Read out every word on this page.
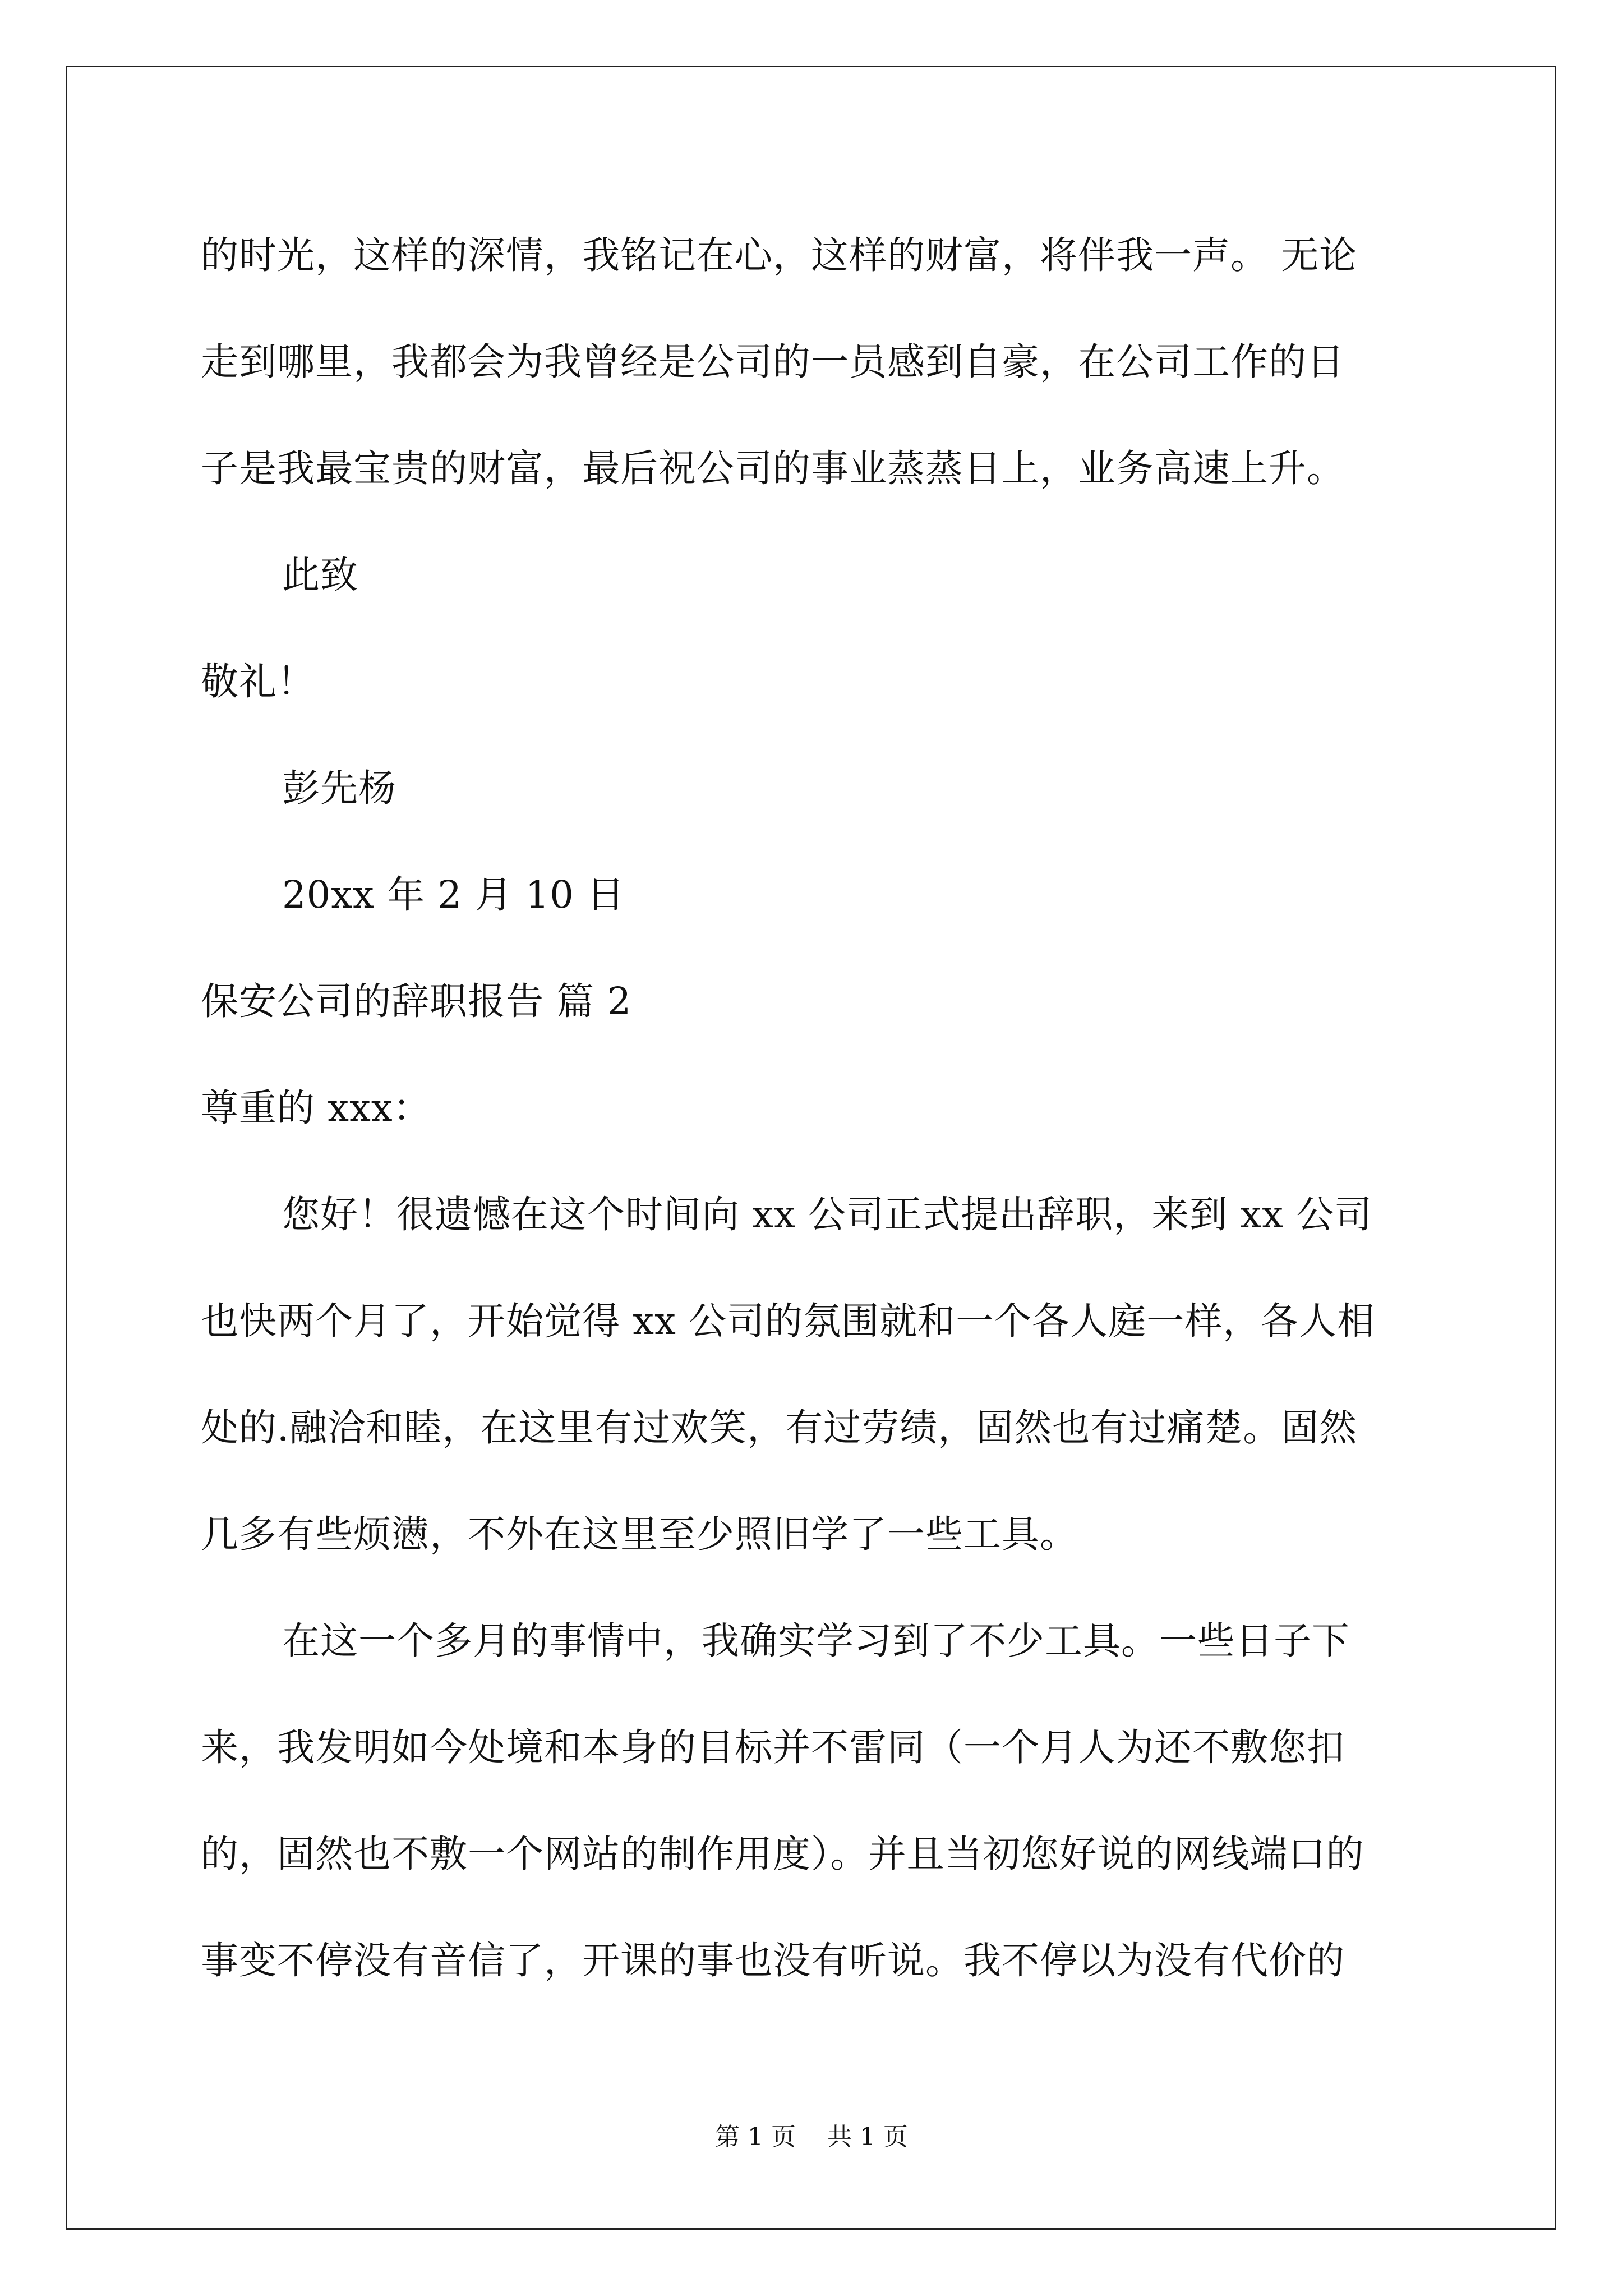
的时光，这样的深情，我铭记在心，这样的财富，将伴我一声。 无论
走到哪里，我都会为我曾经是公司的一员感到自豪，在公司工作的日
子是我最宝贵的财富，最后祝公司的事业蒸蒸日上，业务高速上升。
此致
敬礼！
彭先杨
20xx 年 2 月 10 日
保安公司的辞职报告 篇 2
尊重的 xxx：
您好！很遗憾在这个时间向 xx 公司正式提出辞职，来到 xx 公司
也快两个月了，开始觉得 xx 公司的氛围就和一个各人庭一样，各人相
处的.融洽和睦，在这里有过欢笑，有过劳绩，固然也有过痛楚。固然
几多有些烦懑，不外在这里至少照旧学了一些工具。
在这一个多月的事情中，我确实学习到了不少工具。一些日子下
来，我发明如今处境和本身的目标并不雷同（一个月人为还不敷您扣
的，固然也不敷一个网站的制作用度）。并且当初您好说的网线端口的
事变不停没有音信了，开课的事也没有听说。我不停以为没有代价的
第 1 页    共 1 页
